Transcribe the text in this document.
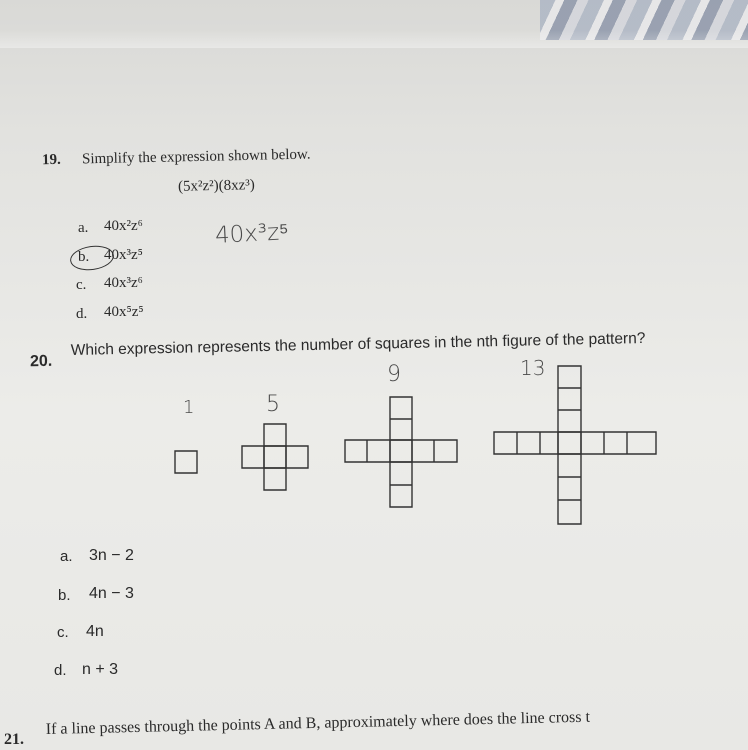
19. Simplify the expression shown below.
(5x²z²)(8xz³)
a. 40x²z⁶
b. 40x³z⁵
c. 40x³z⁶
d. 40x⁵z⁵
40x³z⁵
20.
Which expression represents the number of squares in the nth figure of the pattern?
1	5
9	13
a. 3n − 2
b. 4n − 3
c. 4n
d. n + 3
21.
If a line passes through the points A and B, approximately where does the line cross t
